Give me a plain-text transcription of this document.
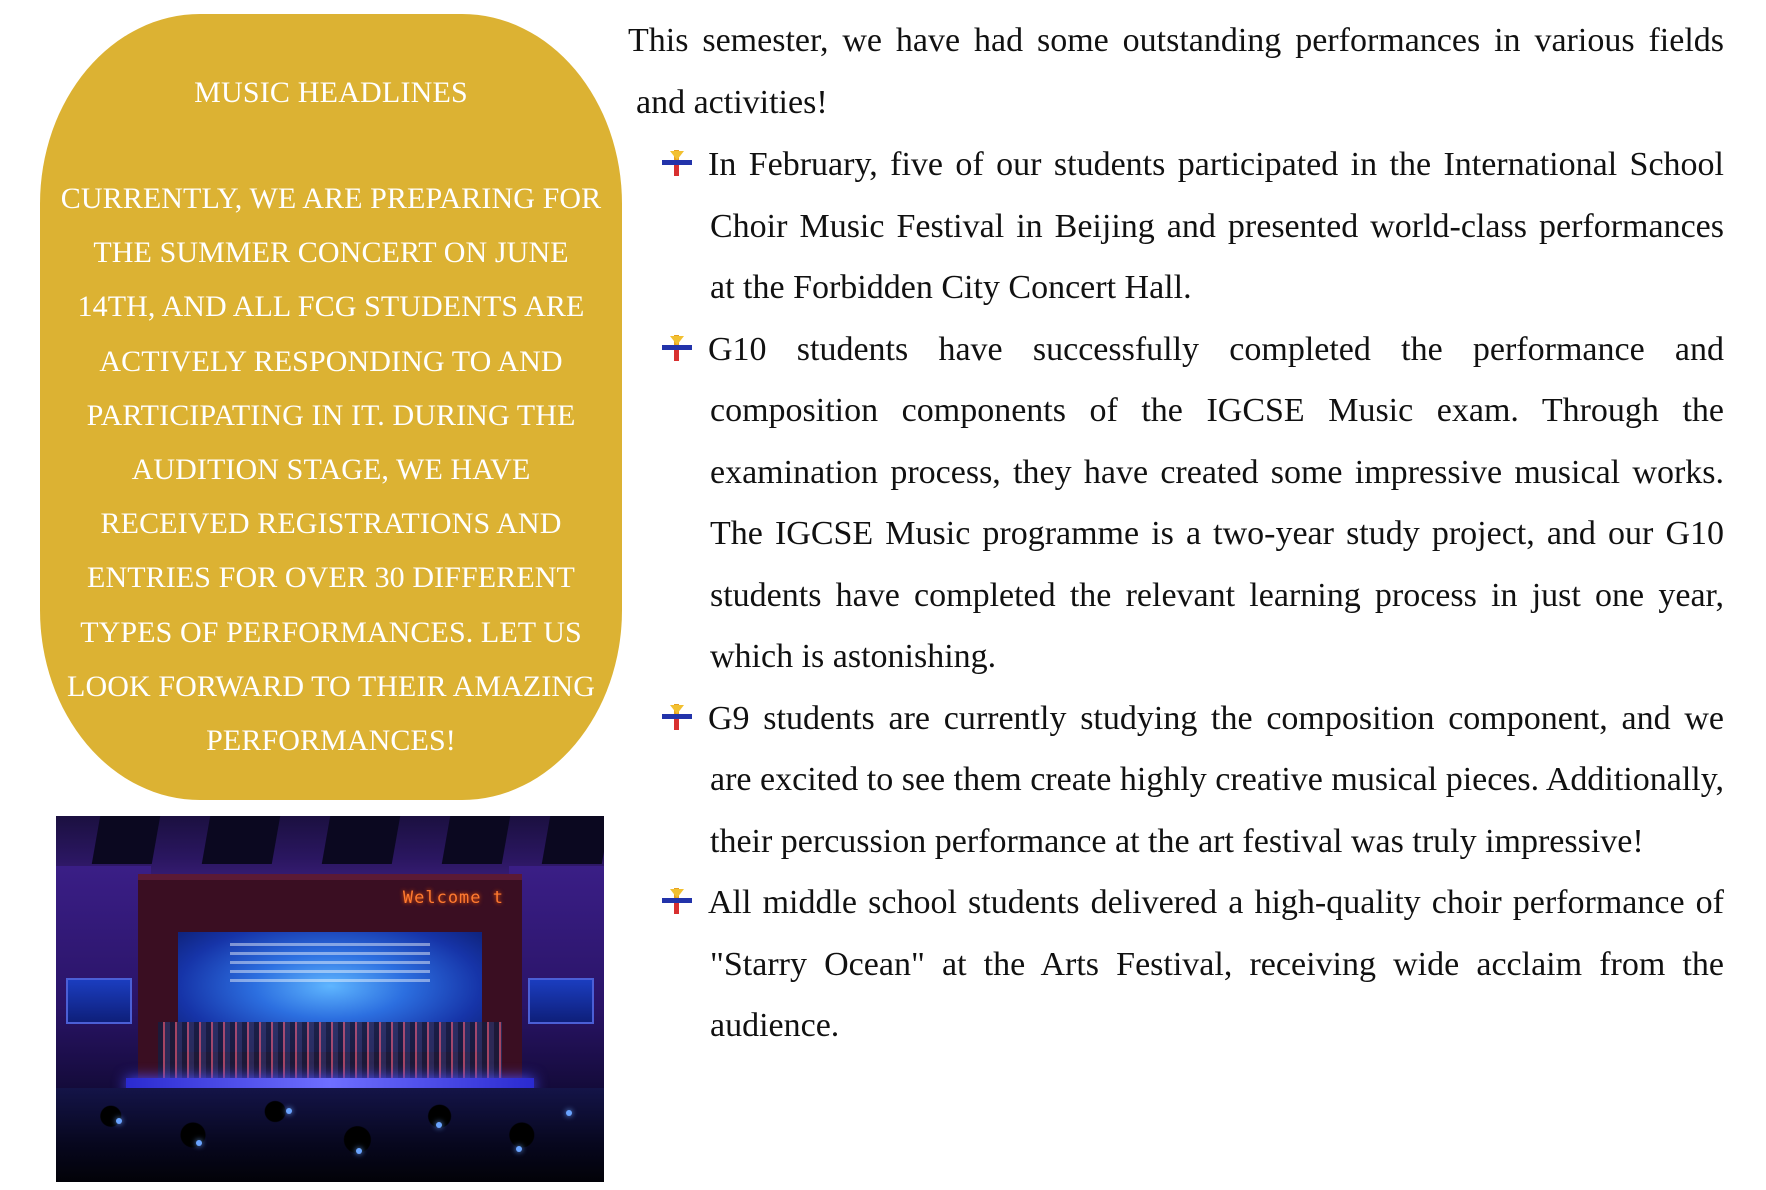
MUSIC HEADLINES

CURRENTLY, WE ARE PREPARING FOR THE SUMMER CONCERT ON JUNE 14TH, AND ALL FCG STUDENTS ARE ACTIVELY RESPONDING TO AND PARTICIPATING IN IT. DURING THE AUDITION STAGE, WE HAVE RECEIVED REGISTRATIONS AND ENTRIES FOR OVER 30 DIFFERENT TYPES OF PERFORMANCES. LET US LOOK FORWARD TO THEIR AMAZING PERFORMANCES!
Welcome t

This semester, we have had some outstanding performances in various fields and activities!

In February, five of our students participated in the International School Choir Music Festival in Beijing and presented world-class performances at the Forbidden City Concert Hall.
G10 students have successfully completed the performance and composition components of the IGCSE Music exam. Through the examination process, they have created some impressive musical works. The IGCSE Music programme is a two-year study project, and our G10 students have completed the relevant learning process in just one year, which is astonishing.
G9 students are currently studying the composition component, and we are excited to see them create highly creative musical pieces. Additionally, their percussion performance at the art festival was truly impressive!
All middle school students delivered a high-quality choir performance of "Starry Ocean" at the Arts Festival, receiving wide acclaim from the audience.
